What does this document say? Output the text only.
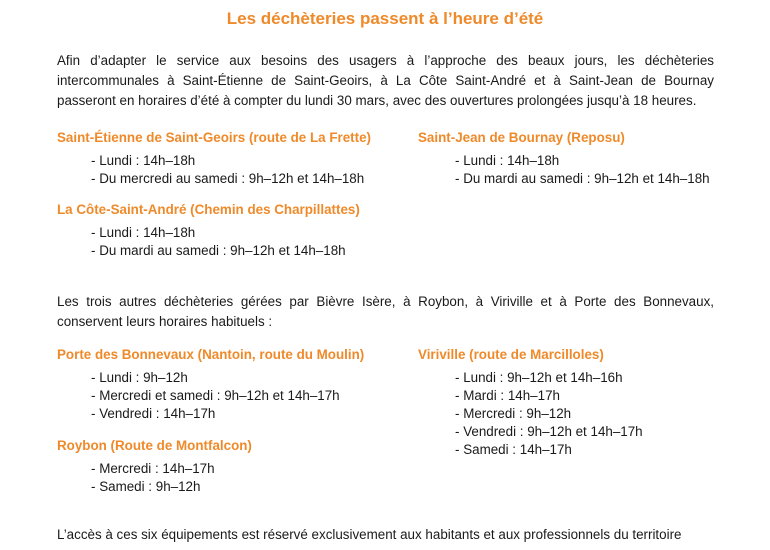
Les déchèteries passent à l’heure d’été
Afin d’adapter le service aux besoins des usagers à l’approche des beaux jours, les déchèteries intercommunales à Saint-Étienne de Saint-Geoirs, à La Côte Saint-André et à Saint-Jean de Bournay passeront en horaires d’été à compter du lundi 30 mars, avec des ouvertures prolongées jusqu’à 18 heures.
Saint-Étienne de Saint-Geoirs (route de La Frette)
- Lundi : 14h–18h
- Du mercredi au samedi : 9h–12h et 14h–18h
Saint-Jean de Bournay (Reposu)
- Lundi : 14h–18h
- Du mardi au samedi : 9h–12h et 14h–18h
La Côte-Saint-André (Chemin des Charpillattes)
- Lundi : 14h–18h
- Du mardi au samedi : 9h–12h et 14h–18h
Les trois autres déchèteries gérées par Bièvre Isère, à Roybon, à Viriville et à Porte des Bonnevaux, conservent leurs horaires habituels :
Porte des Bonnevaux (Nantoin, route du Moulin)
- Lundi : 9h–12h
- Mercredi et samedi : 9h–12h et 14h–17h
- Vendredi : 14h–17h
Viriville (route de Marcilloles)
- Lundi : 9h–12h et 14h–16h
- Mardi : 14h–17h
- Mercredi : 9h–12h
- Vendredi : 9h–12h et 14h–17h
- Samedi : 14h–17h
Roybon (Route de Montfalcon)
- Mercredi : 14h–17h
- Samedi : 9h–12h
L’accès à ces six équipements est réservé exclusivement aux habitants et aux professionnels du territoire
